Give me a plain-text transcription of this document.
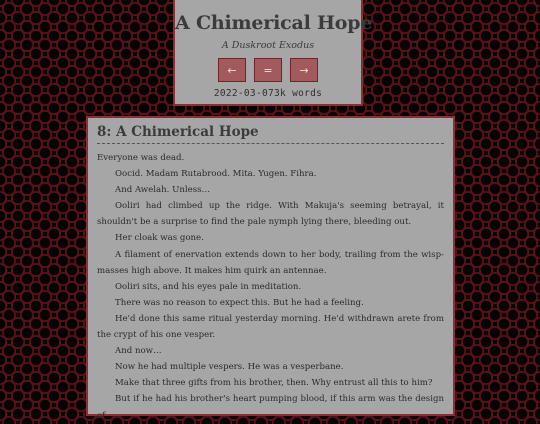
A Chimerical Hope
A Duskroot Exodus
← = →
2022-03-073k words
8: A Chimerical Hope

Everyone was dead.

Oocid. Madam Rutabrood. Mita. Yugen. Fihra.

And Awelah. Unless…

Ooliri had climbed up the ridge. With Makuja's seeming betrayal, it shouldn't be a surprise to find the pale nymph lying there, bleeding out.

Her cloak was gone.

A filament of enervation extends down to her body, trailing from the wisp-masses high above. It makes him quirk an antennae.

Ooliri sits, and his eyes pale in meditation.

There was no reason to expect this. But he had a feeling.

He'd done this same ritual yesterday morning. He'd withdrawn arete from the crypt of his one vesper.

And now…

Now he had multiple vespers. He was a vesperbane.

Make that three gifts from his brother, then. Why entrust all this to him?

But if he had his brother's heart pumping blood, if this arm was the design of
